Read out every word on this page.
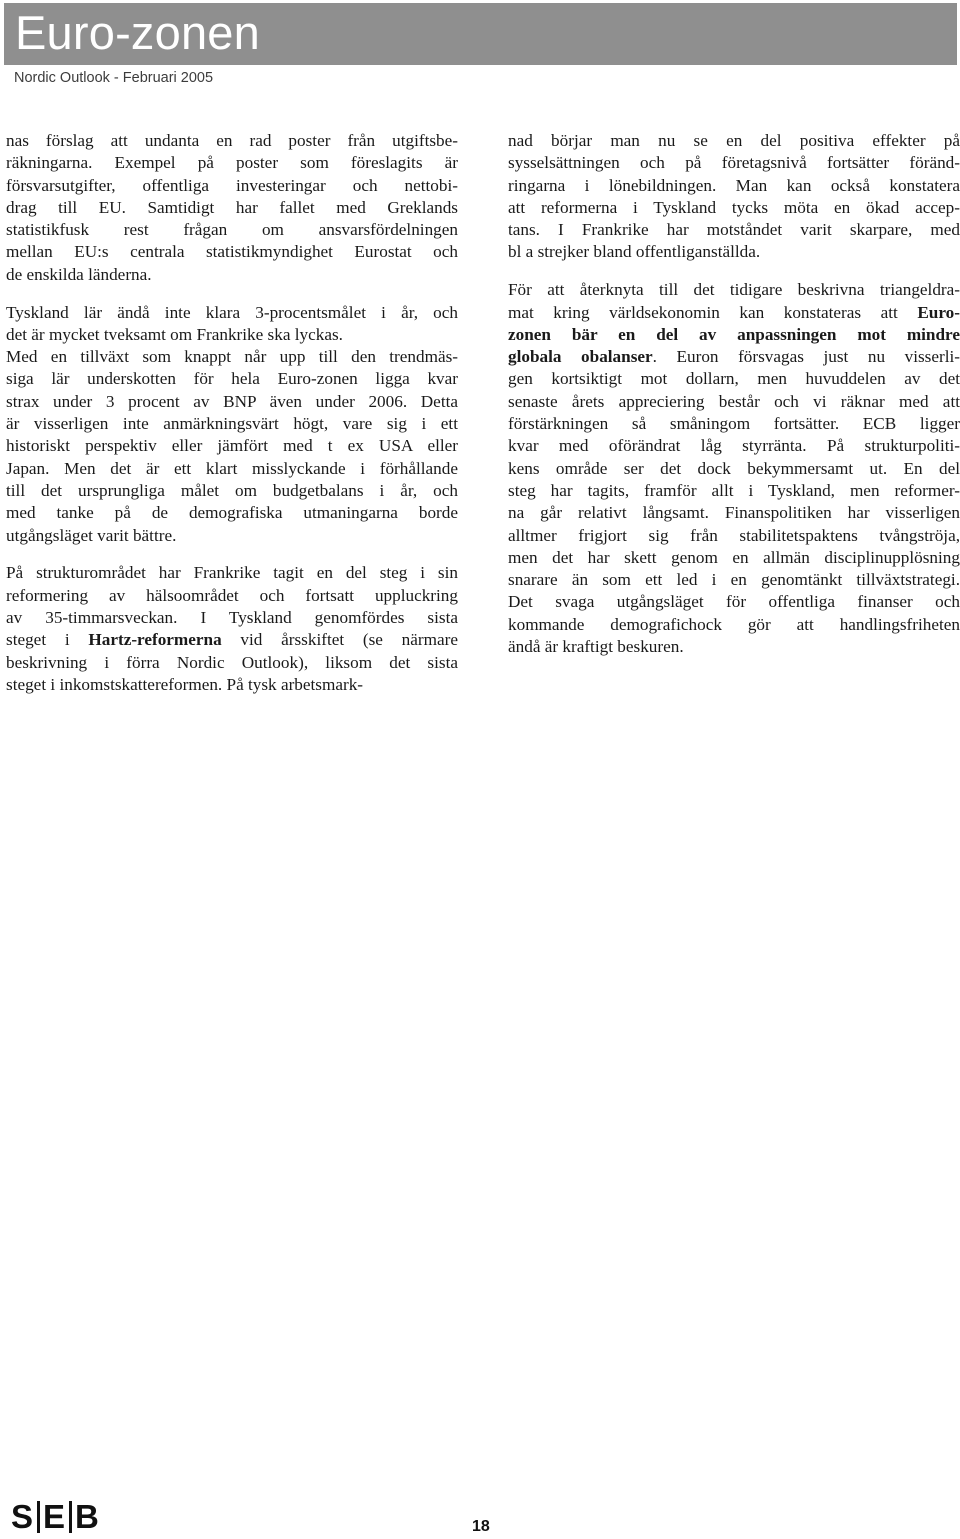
Euro-zonen
Nordic Outlook - Februari 2005

nas förslag att undanta en rad poster från utgiftsbe-
räkningarna. Exempel på poster som föreslagits är
försvarsutgifter, offentliga investeringar och nettobi-
drag till EU. Samtidigt har fallet med Greklands
statistikfusk rest frågan om ansvarsfördelningen
mellan EU:s centrala statistikmyndighet Eurostat och
de enskilda länderna.

Tyskland lär ändå inte klara 3-procentsmålet i år, och
det är mycket tveksamt om Frankrike ska lyckas.
Med en tillväxt som knappt når upp till den trendmäs-
siga lär underskotten för hela Euro-zonen ligga kvar
strax under 3 procent av BNP även under 2006. Detta
är visserligen inte anmärkningsvärt högt, vare sig i ett
historiskt perspektiv eller jämfört med t ex USA eller
Japan. Men det är ett klart misslyckande i förhållande
till det ursprungliga målet om budgetbalans i år, och
med tanke på de demografiska utmaningarna borde
utgångsläget varit bättre.

På strukturområdet har Frankrike tagit en del steg i sin
reformering av hälsoområdet och fortsatt uppluckring
av 35-timmarsveckan. I Tyskland genomfördes sista
steget i Hartz-reformerna vid årsskiftet (se närmare
beskrivning i förra Nordic Outlook), liksom det sista
steget i inkomstskattereformen. På tysk arbetsmark-

nad börjar man nu se en del positiva effekter på
sysselsättningen och på företagsnivå fortsätter föränd-
ringarna i lönebildningen. Man kan också konstatera
att reformerna i Tyskland tycks möta en ökad accep-
tans. I Frankrike har motståndet varit skarpare, med
bl a strejker bland offentliganställda.

För att återknyta till det tidigare beskrivna triangeldra-
mat kring världsekonomin kan konstateras att Euro-
zonen bär en del av anpassningen mot mindre
globala obalanser. Euron försvagas just nu visserli-
gen kortsiktigt mot dollarn, men huvuddelen av det
senaste årets appreciering består och vi räknar med att
förstärkningen så småningom fortsätter. ECB ligger
kvar med oförändrat låg styrränta. På strukturpoliti-
kens område ser det dock bekymmersamt ut. En del
steg har tagits, framför allt i Tyskland, men reformer-
na går relativt långsamt. Finanspolitiken har visserligen
alltmer frigjort sig från stabilitetspaktens tvångströja,
men det har skett genom en allmän disciplinupplösning
snarare än som ett led i en genomtänkt tillväxtstrategi.
Det svaga utgångsläget för offentliga finanser och
kommande demografichock gör att handlingsfriheten
ändå är kraftigt beskuren.

S E B	18
